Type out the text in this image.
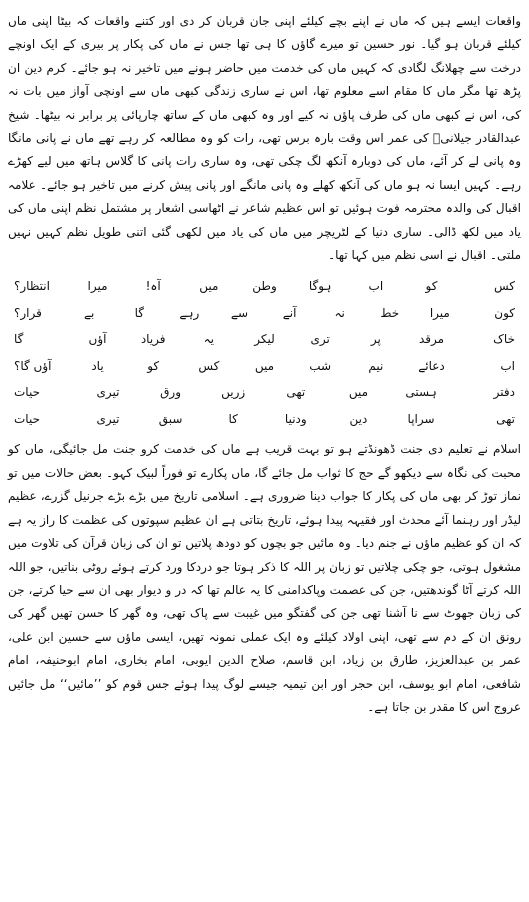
واقعات ایسے ہیں کہ ماں نے اپنے بچے کیلئے اپنی جان قربان کر دی اور کتنے واقعات کہ بیٹا اپنی ماں کیلئے قربان ہو گیا۔ نور حسین تو میرے گاؤں کا ہی تھا جس نے ماں کی پکار پر بیری کے ایک اونچے درخت سے چھلانگ لگادی کہ کہیں ماں کی خدمت میں حاضر ہونے میں تاخیر نہ ہو جائے۔ کرم دین ان پڑھ تھا مگر ماں کا مقام اسے معلوم تھا، اس نے ساری زندگی کبھی ماں سے اونچی آواز میں بات نہ کی، اس نے کبھی ماں کی طرف پاؤں نہ کیے اور وہ کبھی ماں کے ساتھ چارپائی پر برابر نہ بیٹھا۔ شیخ عبدالقادر جیلانیؒ کی عمر اس وقت بارہ برس تھی، رات کو وہ مطالعہ کر رہے تھے ماں نے پانی مانگا وہ پانی لے کر آئے، ماں کی دوبارہ آنکھ لگ چکی تھی، وہ ساری رات پانی کا گلاس ہاتھ میں لیے کھڑے رہے۔ کہیں ایسا نہ ہو ماں کی آنکھ کھلے وہ پانی مانگے اور پانی پیش کرنے میں تاخیر ہو جائے۔ علامہ اقبال کی والدہ محترمہ فوت ہوئیں تو اس عظیم شاعر نے اٹھاسی اشعار پر مشتمل نظم اپنی ماں کی یاد میں لکھ ڈالی۔ ساری دنیا کے لٹریچر میں ماں کی یاد میں لکھی گئی اتنی طویل نظم کہیں نہیں ملتی۔ اقبال نے اسی نظم میں کہا تھا۔

کس
کو
اب
ہوگا
وطن
میں
آہ!
میرا
انتظار؟
کون
میرا
خط
نہ
آنے
سے
رہے
گا
بے
قرار؟
خاک
مرقد
پر
تری
لیکر
یہ
فریاد
آؤں
گا
اب
دعائے
نیم
شب
میں
کس
کو
یاد
آؤں گا؟
دفتر
ہستی
میں
تھی
زریں
ورق
تیری
حیات
تھی
سراپا
دین
ودنیا
کا
سبق
تیری
حیات

اسلام نے تعلیم دی جنت ڈھونڈتے ہو تو بہت قریب ہے ماں کی خدمت کرو جنت مل جائیگی، ماں کو محبت کی نگاہ سے دیکھو گے حج کا ثواب مل جائے گا، ماں پکارے تو فوراً لبیک کہو۔ بعض حالات میں تو نماز توڑ کر بھی ماں کی پکار کا جواب دینا ضروری ہے۔ اسلامی تاریخ میں بڑے بڑے جرنیل گزرے، عظیم لیڈر اور رہنما آئے محدث اور فقیہہ پیدا ہوئے، تاریخ بتاتی ہے ان عظیم سپوتوں کی عظمت کا راز یہ ہے کہ ان کو عظیم ماؤں نے جنم دیا۔ وہ مائیں جو بچوں کو دودھ پلاتیں تو ان کی زبان قرآن کی تلاوت میں مشغول ہوتی، جو چکی چلاتیں تو زبان پر اللہ کا ذکر ہوتا جو دردکا ورد کرتے ہوئے روٹی بناتیں، جو اللہ اللہ کرتے آٹا گوندھتیں، جن کی عصمت وپاکدامنی کا یہ عالم تھا کہ در و دیوار بھی ان سے حیا کرتے، جن کی زبان جھوٹ سے نا آشنا تھی جن کی گفتگو میں غیبت سے پاک تھی، وہ گھر کا حسن تھیں گھر کی رونق ان کے دم سے تھی، اپنی اولاد کیلئے وہ ایک عملی نمونہ تھیں، ایسی ماؤں سے حسین ابن علی، عمر بن عبدالعزیز، طارق بن زیاد، ابن قاسم، صلاح الدین ایوبی، امام بخاری، امام ابوحنیفہ، امام شافعی، امام ابو یوسف، ابن حجر اور ابن تیمیہ جیسے لوگ پیدا ہوئے جس قوم کو ’’مائیں‘‘ مل جائیں عروج اس کا مقدر بن جاتا ہے۔
